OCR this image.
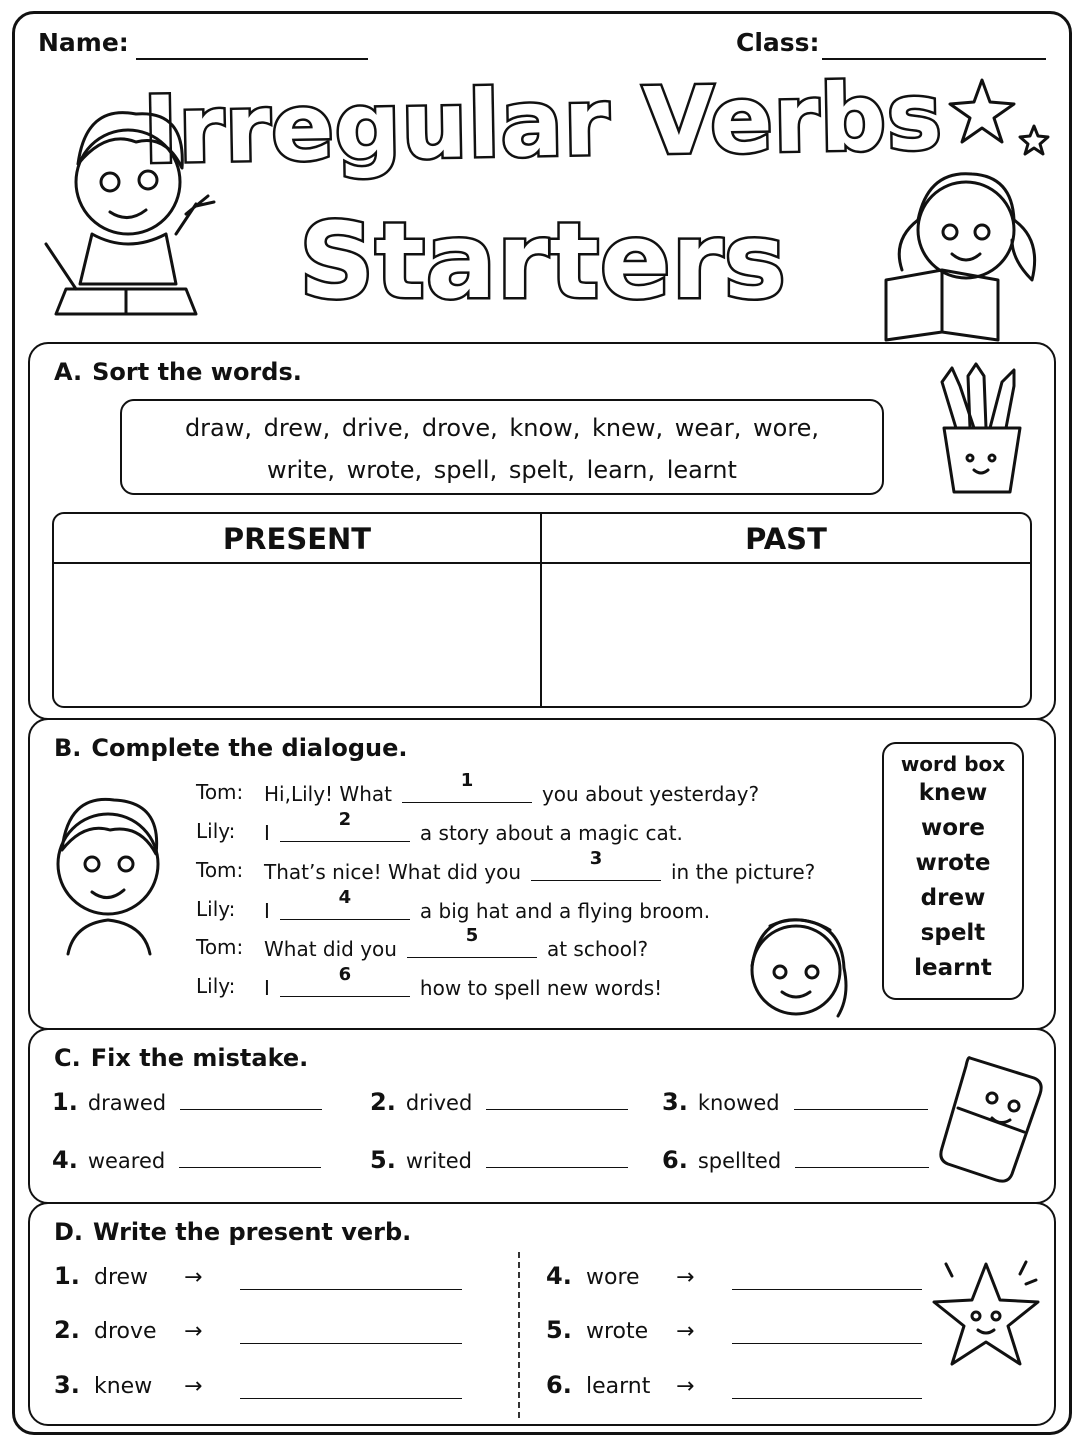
Name:	Class:
Irregular Verbs
Starters
A. Sort the words.
draw, drew, drive, drove, know, knew, wear, wore,
write, wrote, spell, spelt, learn, learnt
PRESENT	PAST
B. Complete the dialogue.
Tom:	Hi,Lily! What
1
you about yesterday?
Lily:	I
2
a story about a magic cat.
Tom:	That’s nice! What did you
3
in the picture?
Lily:	I
4
a big hat and a flying broom.
Tom:	What did you
5
at school?
Lily:	I
6
how to spell new words!
word box
knew
wore
wrote
drew
spelt
learnt
C. Fix the mistake.
1. drawed	2. drived	3. knowed
4. weared	5. writed	6. spellted
D. Write the present verb.
1. drew →
2. drove →
3. knew →
4. wore →
5. wrote →
6. learnt →
